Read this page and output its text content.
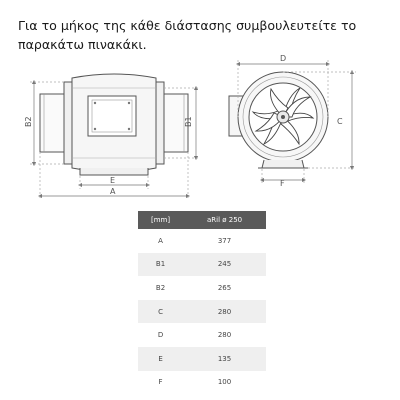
Για το μήκος της κάθε διάστασης συμβουλευτείτε το παρακάτω πινακάκι.

B2	B1
E
A
D
C
F
[mm]	aRil ø 250
A	377
B1	245
B2	265
C	280
D	280
E	135
F	100
